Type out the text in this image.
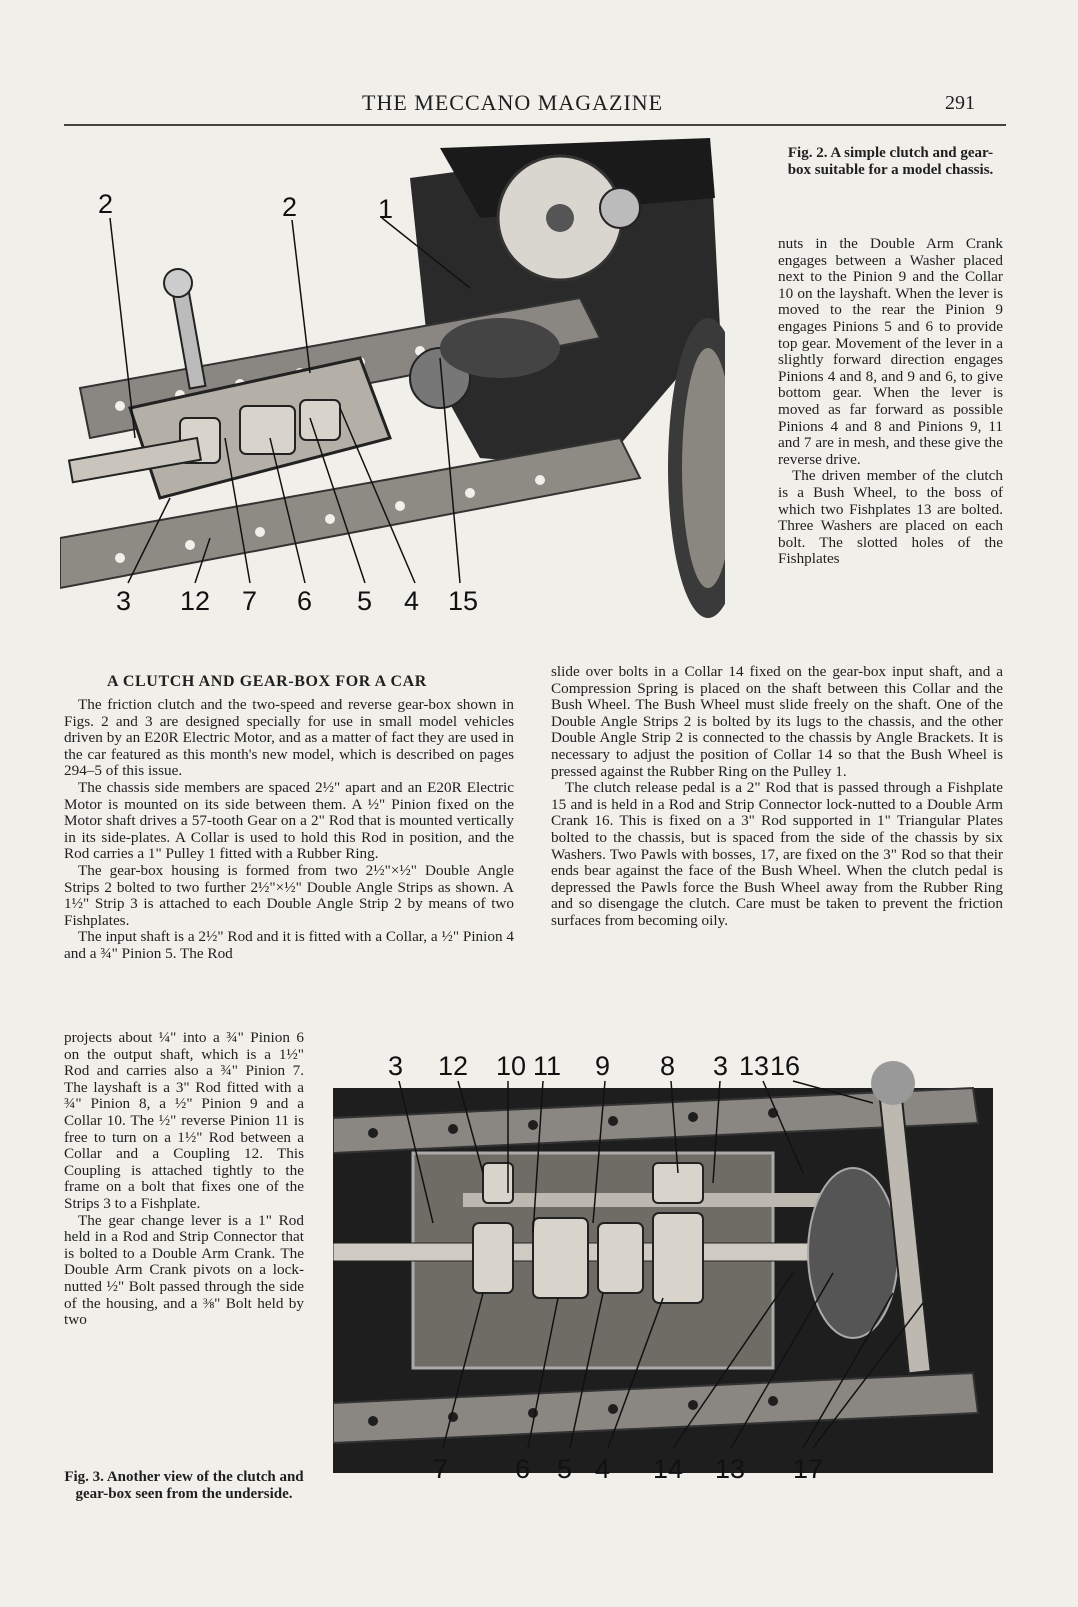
THE MECCANO MAGAZINE	291
2	2	1
3 12 7 6 5 4 15
Fig. 2. A simple clutch and gear-box suitable for a model chassis.

nuts in the Double Arm Crank engages between a Washer placed next to the Pinion 9 and the Collar 10 on the layshaft. When the lever is moved to the rear the Pinion 9 engages Pinions 5 and 6 to provide top gear. Movement of the lever in a slightly forward direction engages Pinions 4 and 8, and 9 and 6, to give bottom gear. When the lever is moved as far forward as possible Pinions 4 and 8 and Pinions 9, 11 and 7 are in mesh, and these give the reverse drive.

The driven member of the clutch is a Bush Wheel, to the boss of which two Fishplates 13 are bolted. Three Washers are placed on each bolt. The slotted holes of the Fishplates

A CLUTCH AND GEAR-BOX FOR A CAR

The friction clutch and the two-speed and reverse gear-box shown in Figs. 2 and 3 are designed specially for use in small model vehicles driven by an E20R Electric Motor, and as a matter of fact they are used in the car featured as this month's new model, which is described on pages 294–5 of this issue.

The chassis side members are spaced 2½" apart and an E20R Electric Motor is mounted on its side between them. A ½" Pinion fixed on the Motor shaft drives a 57-tooth Gear on a 2" Rod that is mounted vertically in its side-plates. A Collar is used to hold this Rod in position, and the Rod carries a 1" Pulley 1 fitted with a Rubber Ring.

The gear-box housing is formed from two 2½"×½" Double Angle Strips 2 bolted to two further 2½"×½" Double Angle Strips as shown. A 1½" Strip 3 is attached to each Double Angle Strip 2 by means of two Fishplates.

The input shaft is a 2½" Rod and it is fitted with a Collar, a ½" Pinion 4 and a ¾" Pinion 5. The Rod

slide over bolts in a Collar 14 fixed on the gear-box input shaft, and a Compression Spring is placed on the shaft between this Collar and the Bush Wheel. The Bush Wheel must slide freely on the shaft. One of the Double Angle Strips 2 is bolted by its lugs to the chassis, and the other Double Angle Strip 2 is connected to the chassis by Angle Brackets. It is necessary to adjust the position of Collar 14 so that the Bush Wheel is pressed against the Rubber Ring on the Pulley 1.

The clutch release pedal is a 2" Rod that is passed through a Fishplate 15 and is held in a Rod and Strip Connector lock-nutted to a Double Arm Crank 16. This is fixed on a 3" Rod supported in 1" Triangular Plates bolted to the chassis, but is spaced from the side of the chassis by six Washers. Two Pawls with bosses, 17, are fixed on the 3" Rod so that their ends bear against the face of the Bush Wheel. When the clutch pedal is depressed the Pawls force the Bush Wheel away from the Rubber Ring and so disengage the clutch. Care must be taken to prevent the friction surfaces from becoming oily.

projects about ¼" into a ¾" Pinion 6 on the output shaft, which is a 1½" Rod and carries also a ¾" Pinion 7. The layshaft is a 3" Rod fitted with a ¾" Pinion 8, a ½" Pinion 9 and a Collar 10. The ½" reverse Pinion 11 is free to turn on a 1½" Rod between a Collar and a Coupling 12. This Coupling is attached tightly to the frame on a bolt that fixes one of the Strips 3 to a Fishplate.

The gear change lever is a 1" Rod held in a Rod and Strip Connector that is bolted to a Double Arm Crank. The Double Arm Crank pivots on a lock-nutted ½" Bolt passed through the side of the housing, and a ⅜" Bolt held by two

3 12 10 11 9 8 3 13 16
7 6 5 4 14 13 17
Fig. 3. Another view of the clutch and gear-box seen from the underside.
